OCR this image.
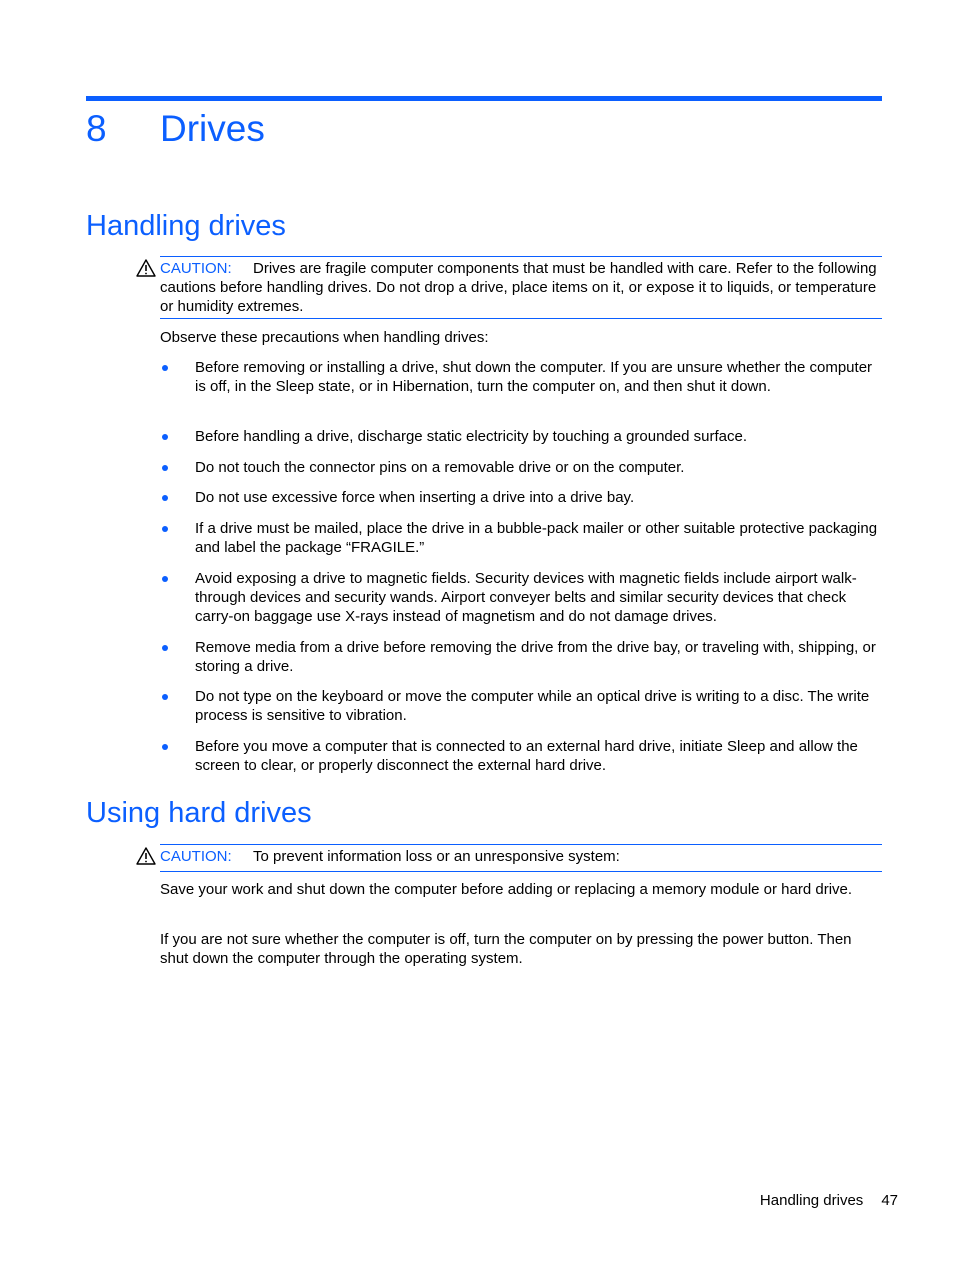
8 Drives
Handling drives
CAUTION: Drives are fragile computer components that must be handled with care. Refer to the following cautions before handling drives. Do not drop a drive, place items on it, or expose it to liquids, or temperature or humidity extremes.

Observe these precautions when handling drives:

Before removing or installing a drive, shut down the computer. If you are unsure whether the computer is off, in the Sleep state, or in Hibernation, turn the computer on, and then shut it down.
Before handling a drive, discharge static electricity by touching a grounded surface.
Do not touch the connector pins on a removable drive or on the computer.
Do not use excessive force when inserting a drive into a drive bay.
If a drive must be mailed, place the drive in a bubble-pack mailer or other suitable protective packaging and label the package “FRAGILE.”
Avoid exposing a drive to magnetic fields. Security devices with magnetic fields include airport walk-through devices and security wands. Airport conveyer belts and similar security devices that check carry-on baggage use X-rays instead of magnetism and do not damage drives.
Remove media from a drive before removing the drive from the drive bay, or traveling with, shipping, or storing a drive.
Do not type on the keyboard or move the computer while an optical drive is writing to a disc. The write process is sensitive to vibration.
Before you move a computer that is connected to an external hard drive, initiate Sleep and allow the screen to clear, or properly disconnect the external hard drive.
Using hard drives
CAUTION: To prevent information loss or an unresponsive system:

Save your work and shut down the computer before adding or replacing a memory module or hard drive.

If you are not sure whether the computer is off, turn the computer on by pressing the power button. Then shut down the computer through the operating system.

Handling drives 47
